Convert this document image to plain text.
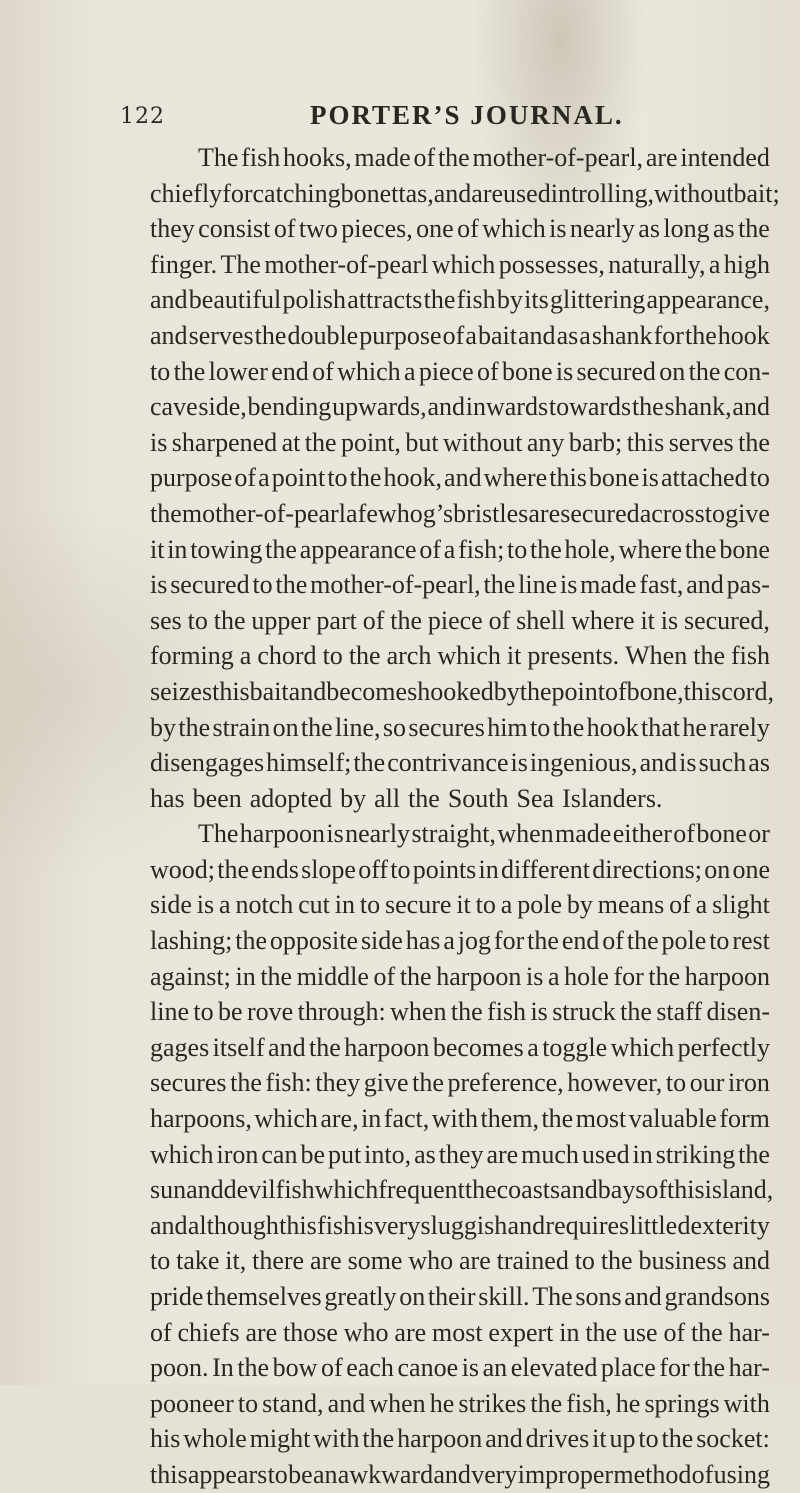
122	PORTER’S JOURNAL.
The fish hooks, made of the mother-of-pearl, are intended
chiefly for catching bonettas, and are used in trolling, without bait;
they consist of two pieces, one of which is nearly as long as the
finger. The mother-of-pearl which possesses, naturally, a high
and beautiful polish attracts the fish by its glittering appearance,
and serves the double purpose of a bait and as a shank for the hook
to the lower end of which a piece of bone is secured on the con-
cave side, bending upwards, and inwards towards the shank, and
is sharpened at the point, but without any barb; this serves the
purpose of a point to the hook, and where this bone is attached to
the mother-of-pearl a few hog’s bristles are secured across to give
it in towing the appearance of a fish; to the hole, where the bone
is secured to the mother-of-pearl, the line is made fast, and pas-
ses to the upper part of the piece of shell where it is secured,
forming a chord to the arch which it presents. When the fish
seizes this bait and becomes hooked by the point of bone, this cord,
by the strain on the line, so secures him to the hook that he rarely
disengages himself; the contrivance is ingenious, and is such as
has been adopted by all the South Sea Islanders.
The harpoon is nearly straight, when made either of bone or
wood; the ends slope off to points in different directions; on one
side is a notch cut in to secure it to a pole by means of a slight
lashing; the opposite side has a jog for the end of the pole to rest
against; in the middle of the harpoon is a hole for the harpoon
line to be rove through: when the fish is struck the staff disen-
gages itself and the harpoon becomes a toggle which perfectly
secures the fish: they give the preference, however, to our iron
harpoons, which are, in fact, with them, the most valuable form
which iron can be put into, as they are much used in striking the
sun and devil fish which frequent the coasts and bays of this island,
and although this fish is very sluggish and requires little dexterity
to take it, there are some who are trained to the business and
pride themselves greatly on their skill. The sons and grandsons
of chiefs are those who are most expert in the use of the har-
poon. In the bow of each canoe is an elevated place for the har-
pooneer to stand, and when he strikes the fish, he springs with
his whole might with the harpoon and drives it up to the socket:
this appears to be an awkward and very improper method of using
